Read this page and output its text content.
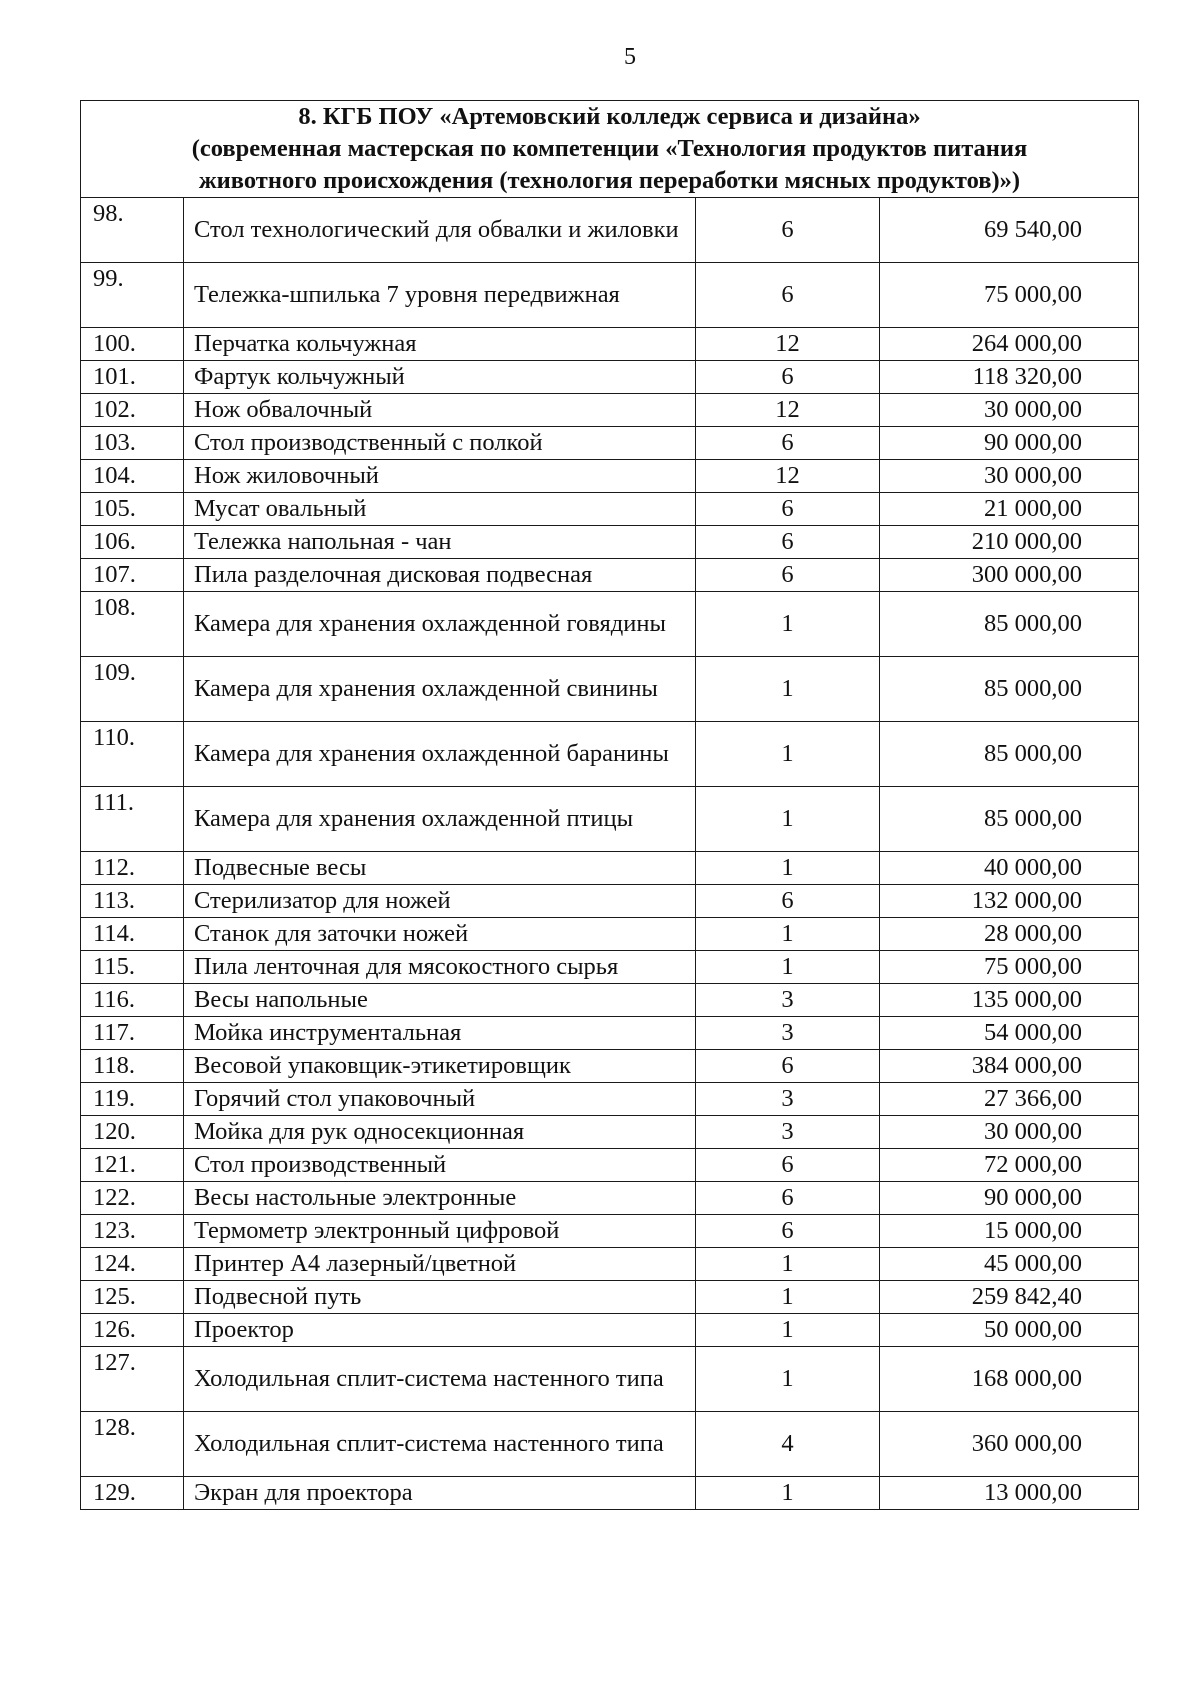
5
8. КГБ ПОУ «Артемовский колледж сервиса и дизайна»
(современная мастерская по компетенции «Технология продуктов питания
животного происхождения (технология переработки мясных продуктов)»)			

98.	Стол технологический для обвалки и жиловки	6	69 540,00
99.	Тележка-шпилька 7 уровня передвижная	6	75 000,00
100.	Перчатка кольчужная	12	264 000,00
101.	Фартук кольчужный	6	118 320,00
102.	Нож обвалочный	12	30 000,00
103.	Стол производственный с полкой	6	90 000,00
104.	Нож жиловочный	12	30 000,00
105.	Мусат овальный	6	21 000,00
106.	Тележка напольная - чан	6	210 000,00
107.	Пила разделочная дисковая подвесная	6	300 000,00
108.	Камера для хранения охлажденной говядины	1	85 000,00
109.	Камера для хранения охлажденной свинины	1	85 000,00
110.	Камера для хранения охлажденной баранины	1	85 000,00
111.	Камера для хранения охлажденной птицы	1	85 000,00
112.	Подвесные весы	1	40 000,00
113.	Стерилизатор для ножей	6	132 000,00
114.	Станок для заточки ножей	1	28 000,00
115.	Пила ленточная для мясокостного сырья	1	75 000,00
116.	Весы напольные	3	135 000,00
117.	Мойка инструментальная	3	54 000,00
118.	Весовой упаковщик-этикетировщик	6	384 000,00
119.	Горячий стол упаковочный	3	27 366,00
120.	Мойка для рук односекционная	3	30 000,00
121.	Стол производственный	6	72 000,00
122.	Весы настольные электронные	6	90 000,00
123.	Термометр электронный цифровой	6	15 000,00
124.	Принтер А4 лазерный/цветной	1	45 000,00
125.	Подвесной путь	1	259 842,40
126.	Проектор	1	50 000,00
127.	Холодильная сплит-система настенного типа	1	168 000,00
128.	Холодильная сплит-система настенного типа	4	360 000,00
129.	Экран для проектора	1	13 000,00
